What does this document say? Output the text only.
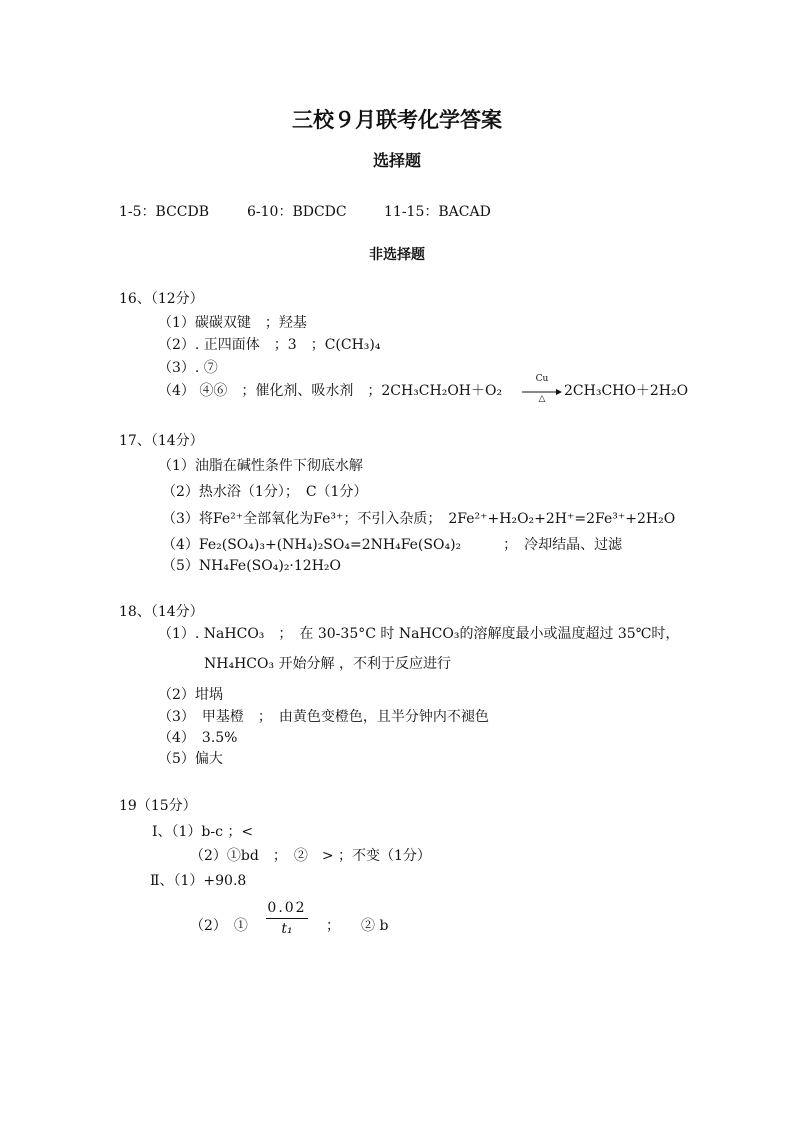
三校９月联考化学答案
选择题
1-5：BCCDB	6-10：BDCDC	11-15：BACAD
非选择题
16、（12分）
（1）碳碳双键　；羟基
（2）. 正四面体　；3　；C(CH₃)₄
（3）. ⑦
（4） ④⑥　；催化剂、吸水剂　；2CH₃CH₂OH＋O₂
Cu
△	2CH₃CHO＋2H₂O
17、（14分）
（1）油脂在碱性条件下彻底水解
（2）热水浴（1分）；　C（1分）
（3）将Fe²⁺全部氧化为Fe³⁺；不引入杂质；　2Fe²⁺+H₂O₂+2H⁺=2Fe³⁺+2H₂O
（4）Fe₂(SO₄)₃+(NH₄)₂SO₄=2NH₄Fe(SO₄)₂　　　；　冷却结晶、过滤
（5）NH₄Fe(SO₄)₂·12H₂O
18、（14分）
（1）. NaHCO₃　；　在 30-35°C 时 NaHCO₃的溶解度最小或温度超过 35℃时，
NH₄HCO₃ 开始分解 ，不利于反应进行
（2）坩埚
（3）　甲基橙　；　由黄色变橙色，且半分钟内不褪色
（4）　3.5%
（5）偏大
19（15分）
Ⅰ、（1）b-c ；<
（2）①bd　；　②　> ；不变（1分）
Ⅱ、（1）+90.8
（2）　①
0.02
t₁	；　　② b
